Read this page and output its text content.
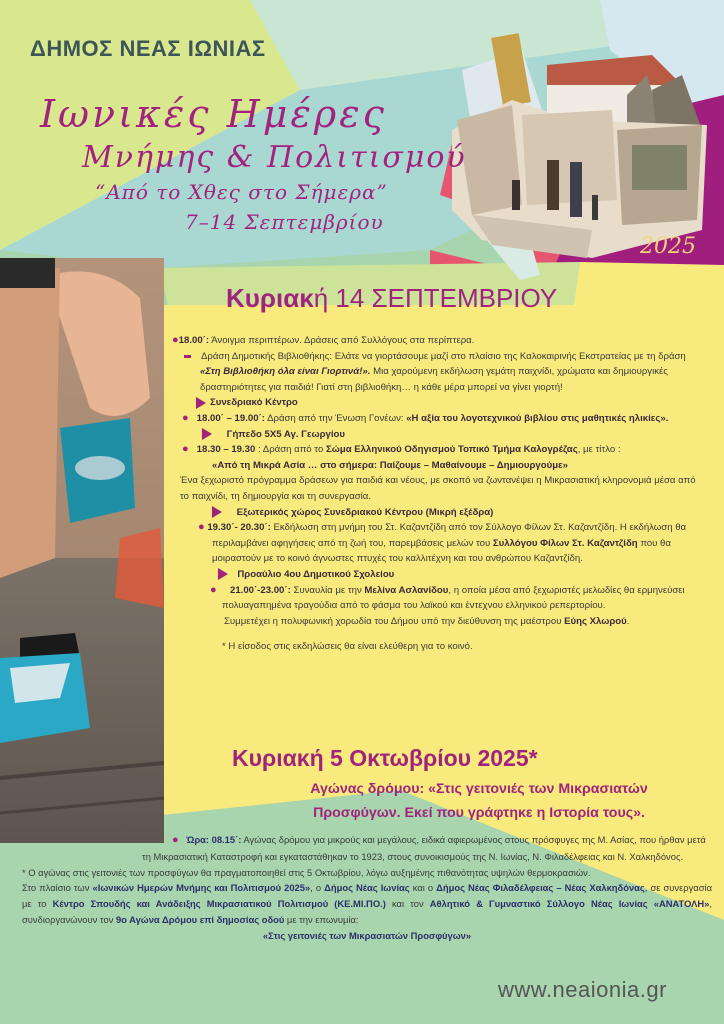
ΔΗΜΟΣ ΝΕΑΣ ΙΩΝΙΑΣ
Ιωνικές Ημέρες
Μνήμης & Πολιτισμού
“Από το Χθες στο Σήμερα”
7–14 Σεπτεμβρίου
2025
Κυριακή 14 ΣΕΠΤΕΜΒΡΙΟΥ

●18.00΄: Άνοιγμα περιπτέρων. Δράσεις από Συλλόγους στα περίπτερα.

Δράση Δημοτικής Βιβλιοθήκης: Ελάτε να γιορτάσουμε μαζί στο πλαίσιο της Καλοκαιρινής Εκστρατείας με τη δράση «Στη Βιβλιοθήκη όλα είναι Γιορτινά!». Μια χαρούμενη εκδήλωση γεμάτη παιχνίδι, χρώματα και δημιουργικές δραστηριότητες για παιδιά! Γιατί στη βιβλιοθήκη… η κάθε μέρα μπορεί να γίνει γιορτή!

Συνεδριακό Κέντρο

● 18.00΄ – 19.00΄: Δράση από την Ένωση Γονέων: «Η αξία του λογοτεχνικού βιβλίου στις μαθητικές ηλικίες».

Γήπεδο 5Χ5 Αγ. Γεωργίου

● 18.30 – 19.30 : Δράση από το Σώμα Ελληνικού Οδηγισμού Τοπικό Τμήμα Καλογρέζας, με τίτλο :

«Από τη Μικρά Ασία … στο σήμερα: Παίζουμε – Μαθαίνουμε – Δημιουργούμε»

Ένα ξεχωριστό πρόγραμμα δράσεων για παιδιά και νέους, με σκοπό να ζωντανέψει η Μικρασιατική κληρονομιά μέσα από το παιχνίδι, τη δημιουργία και τη συνεργασία.

Εξωτερικός χώρος Συνεδριακού Κέντρου (Μικρή εξέδρα)

● 19.30΄- 20.30΄: Εκδήλωση στη μνήμη του Στ. Καζαντζίδη από τον Σύλλογο Φίλων Στ. Καζαντζίδη. Η εκδήλωση θα περιλαμβάνει αφηγήσεις από τη ζωή του, παρεμβάσεις μελών του Συλλόγου Φίλων Στ. Καζαντζίδη που θα μοιραστούν με το κοινό άγνωστες πτυχές του καλλιτέχνη και του ανθρώπου Καζαντζίδη.

Προαύλιο 4ου Δημοτικού Σχολείου

● 21.00΄-23.00΄: Συναυλία με την Μελίνα Ασλανίδου, η οποία μέσα από ξεχωριστές μελωδίες θα ερμηνεύσει πολυαγαπημένα τραγούδια από το φάσμα του λαϊκού και έντεχνου ελληνικού ρεπερτορίου.

Συμμετέχει η πολυφωνική χορωδία του Δήμου υπό την διεύθυνση της μαέστρου Εύης Χλωρού.

* Η είσοδος στις εκδηλώσεις θα είναι ελεύθερη για το κοινό.

Κυριακή 5 Οκτωβρίου 2025*
Αγώνας δρόμου: «Στις γειτονιές των Μικρασιατών
Προσφύγων. Εκεί που γράφτηκε η Ιστορία τους».

● Ώρα: 08.15΄: Αγώνας δρόμου για μικρούς και μεγάλους, ειδικά αφιερωμένος στους πρόσφυγες της Μ. Ασίας, που ήρθαν μετά τη Μικρασιατική Καταστροφή και εγκαταστάθηκαν το 1923, στους συνοικισμούς της Ν. Ιωνίας, Ν. Φιλαδέλφειας και Ν. Χαλκηδόνος.

* Ο αγώνας στις γειτονιές των προσφύγων θα πραγματοποιηθεί στις 5 Οκτωβρίου, λόγω αυξημένης πιθανότητας υψηλών θερμοκρασιών.

Στο πλαίσιο των «Ιωνικών Ημερών Μνήμης και Πολιτισμού 2025», ο Δήμος Νέας Ιωνίας και ο Δήμος Νέας Φιλαδέλφειας – Νέας Χαλκηδόνας, σε συνεργασία με το Κέντρο Σπουδής και Ανάδειξης Μικρασιατικού Πολιτισμού (ΚΕ.ΜΙ.ΠΟ.) και τον Αθλητικό & Γυμναστικό Σύλλογο Νέας Ιωνίας «ΑΝΑΤΟΛΗ», συνδιοργανώνουν τον 9ο Αγώνα Δρόμου επί δημοσίας οδού με την επωνυμία:

«Στις γειτονιές των Μικρασιατών Προσφύγων»

www.neaionia.gr
